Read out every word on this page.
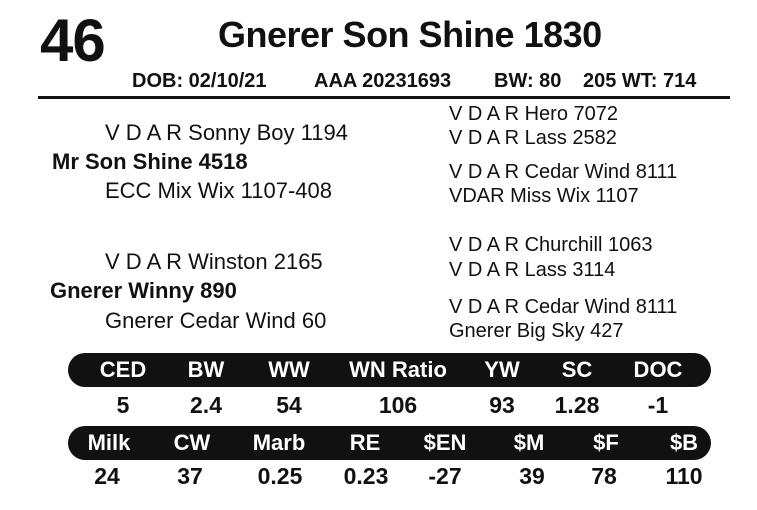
46	Gnerer Son Shine 1830
DOB: 02/10/21 AAA 20231693 BW: 80 205 WT: 714
V D A R Sonny Boy 1194
Mr Son Shine 4518
ECC Mix Wix 1107-408
V D A R Hero 7072
V D A R Lass 2582
V D A R Cedar Wind 8111
VDAR Miss Wix 1107
V D A R Winston 2165
Gnerer Winny 890
Gnerer Cedar Wind 60
V D A R Churchill 1063
V D A R Lass 3114
V D A R Cedar Wind 8111
Gnerer Big Sky 427
CED BW WW WN Ratio YW SC DOC
5	2.4 54	106	93 1.28 -1
Milk CW Marb RE $EN $M $F $B
24 37 0.25 0.23 -27	39 78 110
